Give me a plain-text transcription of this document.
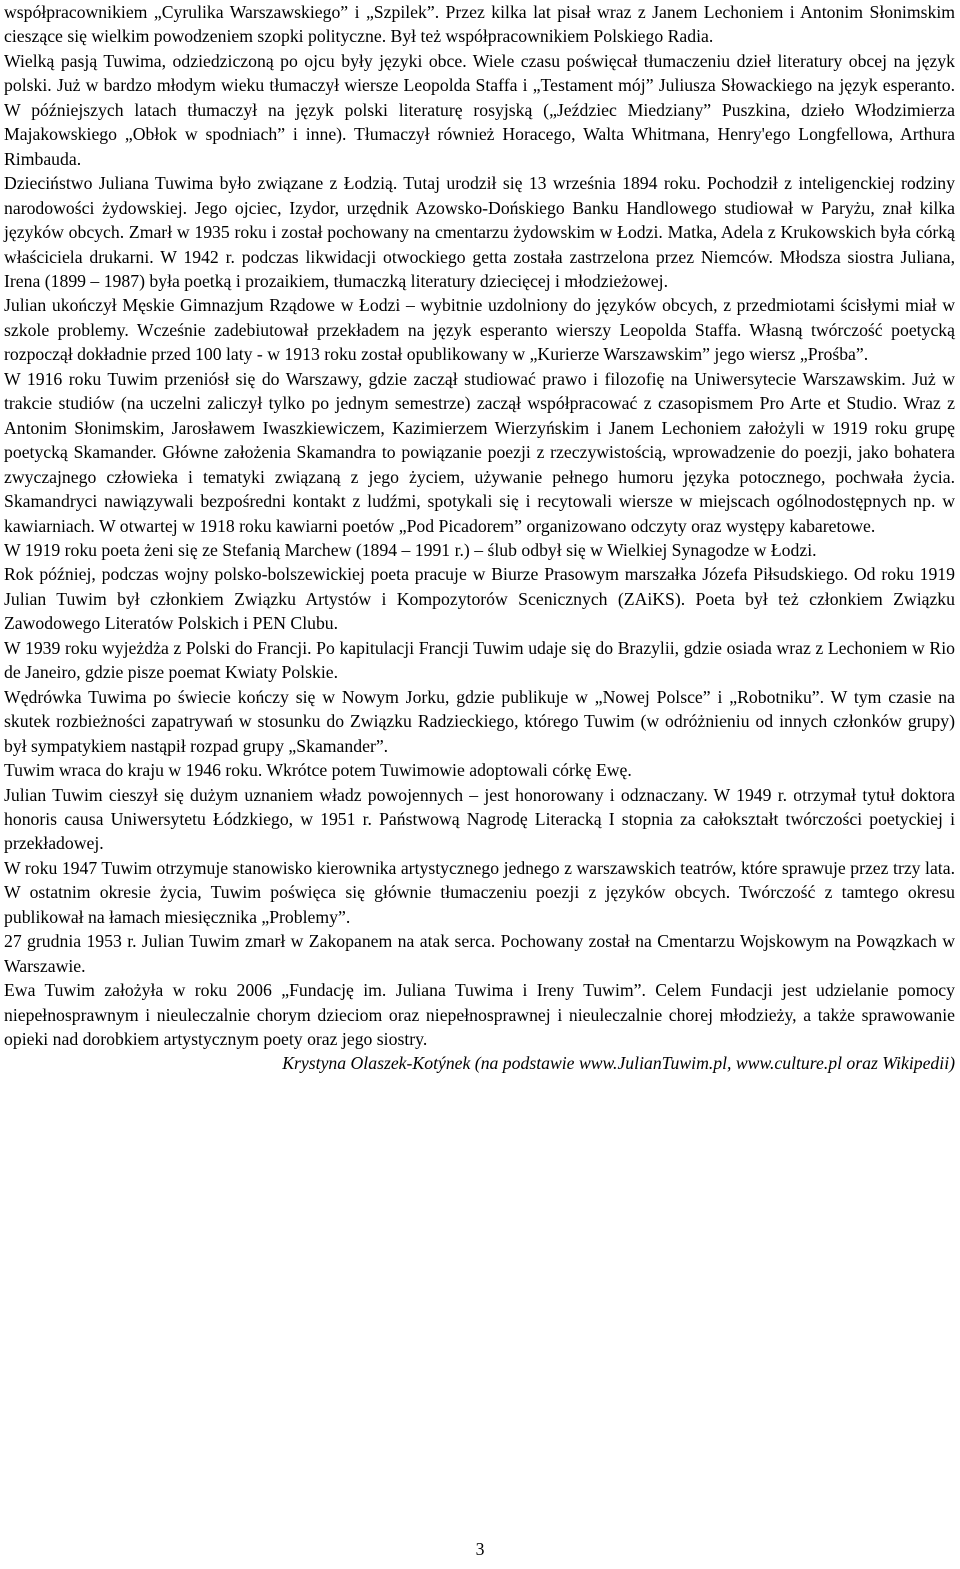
współpracownikiem „Cyrulika Warszawskiego” i „Szpilek”. Przez kilka lat pisał wraz z Janem Lechoniem i Antonim Słonimskim cieszące się wielkim powodzeniem szopki polityczne. Był też współpracownikiem Polskiego Radia.

Wielką pasją Tuwima, odziedziczoną po ojcu były języki obce. Wiele czasu poświęcał tłumaczeniu dzieł literatury obcej na język polski. Już w bardzo młodym wieku tłumaczył wiersze Leopolda Staffa i „Testament mój” Juliusza Słowackiego na język esperanto. W późniejszych latach tłumaczył na język polski literaturę rosyjską („Jeździec Miedziany” Puszkina, dzieło Włodzimierza Majakowskiego „Obłok w spodniach” i inne). Tłumaczył również Horacego, Walta Whitmana, Henry'ego Longfellowa, Arthura Rimbauda.

Dzieciństwo Juliana Tuwima było związane z Łodzią. Tutaj urodził się 13 września 1894 roku. Pochodził z inteligenckiej rodziny narodowości żydowskiej. Jego ojciec, Izydor, urzędnik Azowsko-Dońskiego Banku Handlowego studiował w Paryżu, znał kilka języków obcych. Zmarł w 1935 roku i został pochowany na cmentarzu żydowskim w Łodzi. Matka, Adela z Krukowskich była córką właściciela drukarni. W 1942 r. podczas likwidacji otwockiego getta została zastrzelona przez Niemców. Młodsza siostra Juliana, Irena (1899 – 1987) była poetką i prozaikiem, tłumaczką literatury dziecięcej i młodzieżowej.

Julian ukończył Męskie Gimnazjum Rządowe w Łodzi – wybitnie uzdolniony do języków obcych, z przedmiotami ścisłymi miał w szkole problemy. Wcześnie zadebiutował przekładem na język esperanto wierszy Leopolda Staffa. Własną twórczość poetycką rozpoczął dokładnie przed 100 laty - w 1913 roku został opublikowany w „Kurierze Warszawskim” jego wiersz „Prośba”.

W 1916 roku Tuwim przeniósł się do Warszawy, gdzie zaczął studiować prawo i filozofię na Uniwersytecie Warszawskim. Już w trakcie studiów (na uczelni zaliczył tylko po jednym semestrze) zaczął współpracować z czasopismem Pro Arte et Studio. Wraz z Antonim Słonimskim, Jarosławem Iwaszkiewiczem, Kazimierzem Wierzyńskim i Janem Lechoniem założyli w 1919 roku grupę poetycką Skamander. Główne założenia Skamandra to powiązanie poezji z rzeczywistością, wprowadzenie do poezji, jako bohatera zwyczajnego człowieka i tematyki związaną z jego życiem, używanie pełnego humoru języka potocznego, pochwała życia. Skamandryci nawiązywali bezpośredni kontakt z ludźmi, spotykali się i recytowali wiersze w miejscach ogólnodostępnych np. w kawiarniach. W otwartej w 1918 roku kawiarni poetów „Pod Picadorem” organizowano odczyty oraz występy kabaretowe.

W 1919 roku poeta żeni się ze Stefanią Marchew (1894 – 1991 r.) – ślub odbył się w Wielkiej Synagodze w Łodzi.

Rok później, podczas wojny polsko-bolszewickiej poeta pracuje w Biurze Prasowym marszałka Józefa Piłsudskiego. Od roku 1919 Julian Tuwim był członkiem Związku Artystów i Kompozytorów Scenicznych (ZAiKS). Poeta był też członkiem Związku Zawodowego Literatów Polskich i PEN Clubu.

W 1939 roku wyjeżdża z Polski do Francji. Po kapitulacji Francji Tuwim udaje się do Brazylii, gdzie osiada wraz z Lechoniem w Rio de Janeiro, gdzie pisze poemat Kwiaty Polskie.

Wędrówka Tuwima po świecie kończy się w Nowym Jorku, gdzie publikuje w „Nowej Polsce” i „Robotniku”. W tym czasie na skutek rozbieżności zapatrywań w stosunku do Związku Radzieckiego, którego Tuwim (w odróżnieniu od innych członków grupy) był sympatykiem nastąpił rozpad grupy „Skamander”.

Tuwim wraca do kraju w 1946 roku. Wkrótce potem Tuwimowie adoptowali córkę Ewę.

Julian Tuwim cieszył się dużym uznaniem władz powojennych – jest honorowany i odznaczany. W 1949 r. otrzymał tytuł doktora honoris causa Uniwersytetu Łódzkiego, w 1951 r. Państwową Nagrodę Literacką I stopnia za całokształt twórczości poetyckiej i przekładowej.

W roku 1947 Tuwim otrzymuje stanowisko kierownika artystycznego jednego z warszawskich teatrów, które sprawuje przez trzy lata. W ostatnim okresie życia, Tuwim poświęca się głównie tłumaczeniu poezji z języków obcych. Twórczość z tamtego okresu publikował na łamach miesięcznika „Problemy”.

27 grudnia 1953 r. Julian Tuwim zmarł w Zakopanem na atak serca. Pochowany został na Cmentarzu Wojskowym na Powązkach w Warszawie.

Ewa Tuwim założyła w roku 2006 „Fundację im. Juliana Tuwima i Ireny Tuwim”. Celem Fundacji jest udzielanie pomocy niepełnosprawnym i nieuleczalnie chorym dzieciom oraz niepełnosprawnej i nieuleczalnie chorej młodzieży, a także sprawowanie opieki nad dorobkiem artystycznym poety oraz jego siostry.

Krystyna Olaszek-Kotýnek (na podstawie www.JulianTuwim.pl, www.culture.pl oraz Wikipedii)

3
